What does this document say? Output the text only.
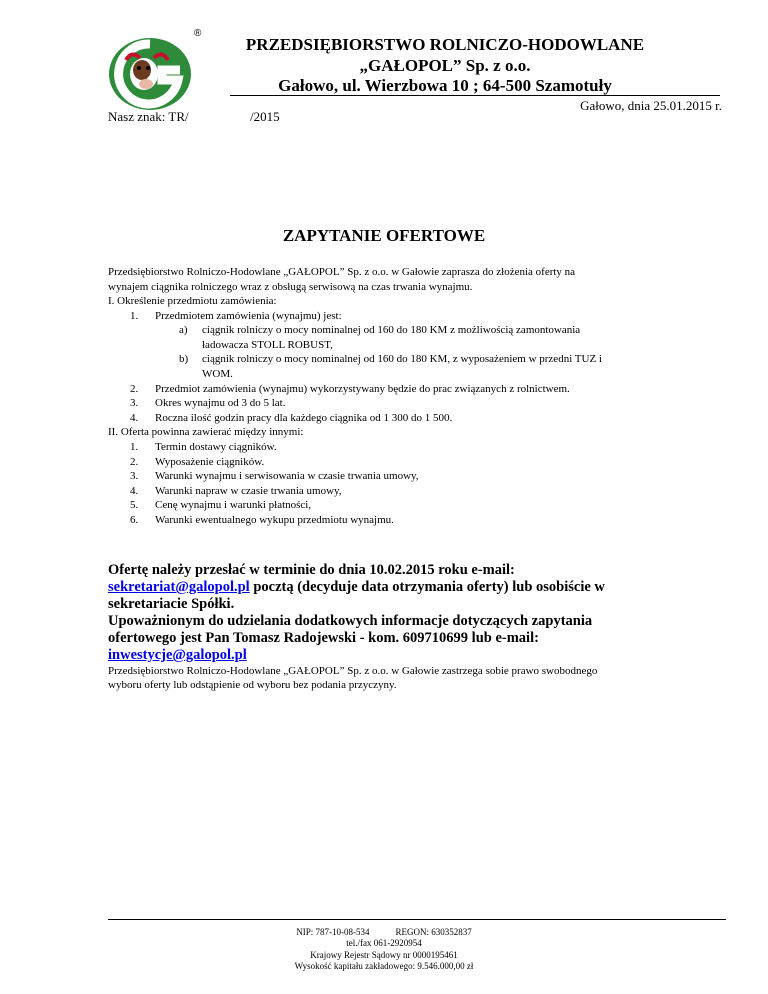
®
PRZEDSIĘBIORSTWO ROLNICZO-HODOWLANE
„GAŁOPOL” Sp. z o.o.
Gałowo, ul. Wierzbowa 10 ; 64-500 Szamotuły
Gałowo, dnia 25.01.2015 r.
Nasz znak: TR/	/2015
ZAPYTANIE OFERTOWE
Przedsiębiorstwo Rolniczo-Hodowlane „GAŁOPOL” Sp. z o.o. w Gałowie zaprasza do złożenia oferty na
wynajem ciągnika rolniczego wraz z obsługą serwisową na czas trwania wynajmu.
I. Określenie przedmiotu zamówienia:
1. Przedmiotem zamówienia (wynajmu) jest:
a) ciągnik rolniczy o mocy nominalnej od 160 do 180 KM z możliwością zamontowania
ładowacza STOLL ROBUST,
b) ciągnik rolniczy o mocy nominalnej od 160 do 180 KM, z wyposażeniem w przedni TUZ i
WOM.
2. Przedmiot zamówienia (wynajmu) wykorzystywany będzie do prac związanych z rolnictwem.
3. Okres wynajmu od 3 do 5 lat.
4. Roczna ilość godzin pracy dla każdego ciągnika od 1 300 do 1 500.
II. Oferta powinna zawierać między innymi:
1. Termin dostawy ciągników.
2. Wyposażenie ciągników.
3. Warunki wynajmu i serwisowania w czasie trwania umowy,
4. Warunki napraw w czasie trwania umowy,
5. Cenę wynajmu i warunki płatności,
6. Warunki ewentualnego wykupu przedmiotu wynajmu.
Ofertę należy przesłać w terminie do dnia 10.02.2015 roku e-mail:
sekretariat@galopol.pl pocztą (decyduje data otrzymania oferty) lub osobiście w
sekretariacie Spółki.
Upoważnionym do udzielania dodatkowych informacje dotyczących zapytania
ofertowego jest Pan Tomasz Radojewski - kom. 609710699 lub e-mail:
inwestycje@galopol.pl
Przedsiębiorstwo Rolniczo-Hodowlane „GAŁOPOL” Sp. z o.o. w Gałowie zastrzega sobie prawo swobodnego
wyboru oferty lub odstąpienie od wyboru bez podania przyczyny.
NIP: 787-10-08-534	REGON: 630352837
tel./fax 061-2920954
Krajowy Rejestr Sądowy nr 0000195461
Wysokość kapitału zakładowego: 9.546.000,00 zł
